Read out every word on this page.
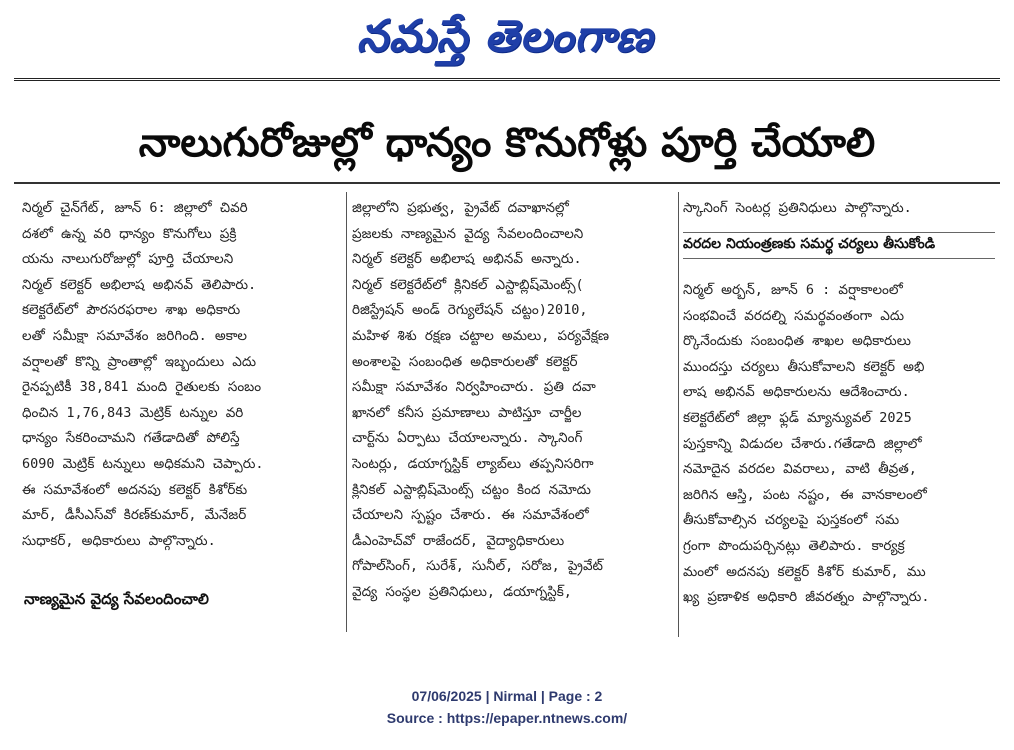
నమస్తే తెలంగాణ
నాలుగురోజుల్లో ధాన్యం కొనుగోళ్లు పూర్తి చేయాలి

నిర్మల్ చైన్‌గేట్, జూన్ 6: జిల్లాలో చివరి

దశలో ఉన్న వరి ధాన్యం కొనుగోలు ప్రక్రి

యను నాలుగురోజుల్లో పూర్తి చేయాలని

నిర్మల్ కలెక్టర్ అభిలాష అభినవ్ తెలిపారు.

కలెక్టరేట్‌లో పౌరసరఫరాల శాఖ అధికారు

లతో సమీక్షా సమావేశం జరిగింది. అకాల

వర్షాలతో కొన్ని ప్రాంతాల్లో ఇబ్బందులు ఎదు

రైనప్పటికీ 38,841 మంది రైతులకు సంబం

ధించిన 1,76,843 మెట్రిక్ టన్నుల వరి

ధాన్యం సేకరించామని గతేడాదితో పోలిస్తే

6090 మెట్రిక్ టన్నులు అధికమని చెప్పారు.

ఈ సమావేశంలో అదనపు కలెక్టర్ కిశోర్‌కు

మార్, డీసీఎస్‌వో కిరణ్‌కుమార్, మేనేజర్

సుధాకర్, అధికారులు పాల్గొన్నారు.

నాణ్యమైన వైద్య సేవలందించాలి

జిల్లాలోని ప్రభుత్వ, ప్రైవేట్ దవాఖానల్లో

ప్రజలకు నాణ్యమైన వైద్య సేవలందించాలని

నిర్మల్ కలెక్టర్ అభిలాష అభినవ్ అన్నారు.

నిర్మల్ కలెక్టరేట్‌లో క్లినికల్ ఎస్టాబ్లిష్‌మెంట్స్(

రిజిస్ట్రేషన్ అండ్ రెగ్యులేషన్ చట్టం)2010,

మహిళ శిశు రక్షణ చట్టాల అమలు, పర్యవేక్షణ

అంశాలపై సంబంధిత అధికారులతో కలెక్టర్

సమీక్షా సమావేశం నిర్వహించారు. ప్రతి దవా

ఖానలో కనీస ప్రమాణాలు పాటిస్తూ చార్జీల

చార్ట్‌ను ఏర్పాటు చేయాలన్నారు. స్కానింగ్

సెంటర్లు, డయాగ్నస్టిక్ ల్యాబ్‌లు తప్పనిసరిగా

క్లినికల్ ఎస్టాబ్లిష్‌మెంట్స్ చట్టం కింద నమోదు

చేయాలని స్పష్టం చేశారు. ఈ సమావేశంలో

డీఎంహెచ్‌వో రాజేందర్, వైద్యాధికారులు

గోపాల్‌సింగ్, సురేశ్, సునీల్, సరోజ, ప్రైవేట్

వైద్య సంస్థల ప్రతినిధులు, డయాగ్నస్టిక్,

స్కానింగ్ సెంటర్ల ప్రతినిధులు పాల్గొన్నారు.

వరదల నియంత్రణకు సమర్థ చర్యలు తీసుకోండి

నిర్మల్ అర్బన్, జూన్ 6 : వర్షాకాలంలో

సంభవించే వరదల్ని సమర్థవంతంగా ఎదు

ర్కొనేందుకు సంబంధిత శాఖల అధికారులు

ముందస్తు చర్యలు తీసుకోవాలని కలెక్టర్ అభి

లాష అభినవ్ అధికారులను ఆదేశించారు.

కలెక్టరేట్‌లో జిల్లా ఫ్లడ్ మ్యాన్యువల్ 2025

పుస్తకాన్ని విడుదల చేశారు.గతేడాది జిల్లాలో

నమోదైన వరదల వివరాలు, వాటి తీవ్రత,

జరిగిన ఆస్తి, పంట నష్టం, ఈ వానకాలంలో

తీసుకోవాల్సిన చర్యలపై పుస్తకంలో సమ

గ్రంగా పొందుపర్చినట్లు తెలిపారు. కార్యక్ర

మంలో అదనపు కలెక్టర్ కిశోర్ కుమార్, ము

ఖ్య ప్రణాళిక అధికారి జీవరత్నం పాల్గొన్నారు.

07/06/2025 | Nirmal | Page : 2
Source : https://epaper.ntnews.com/
